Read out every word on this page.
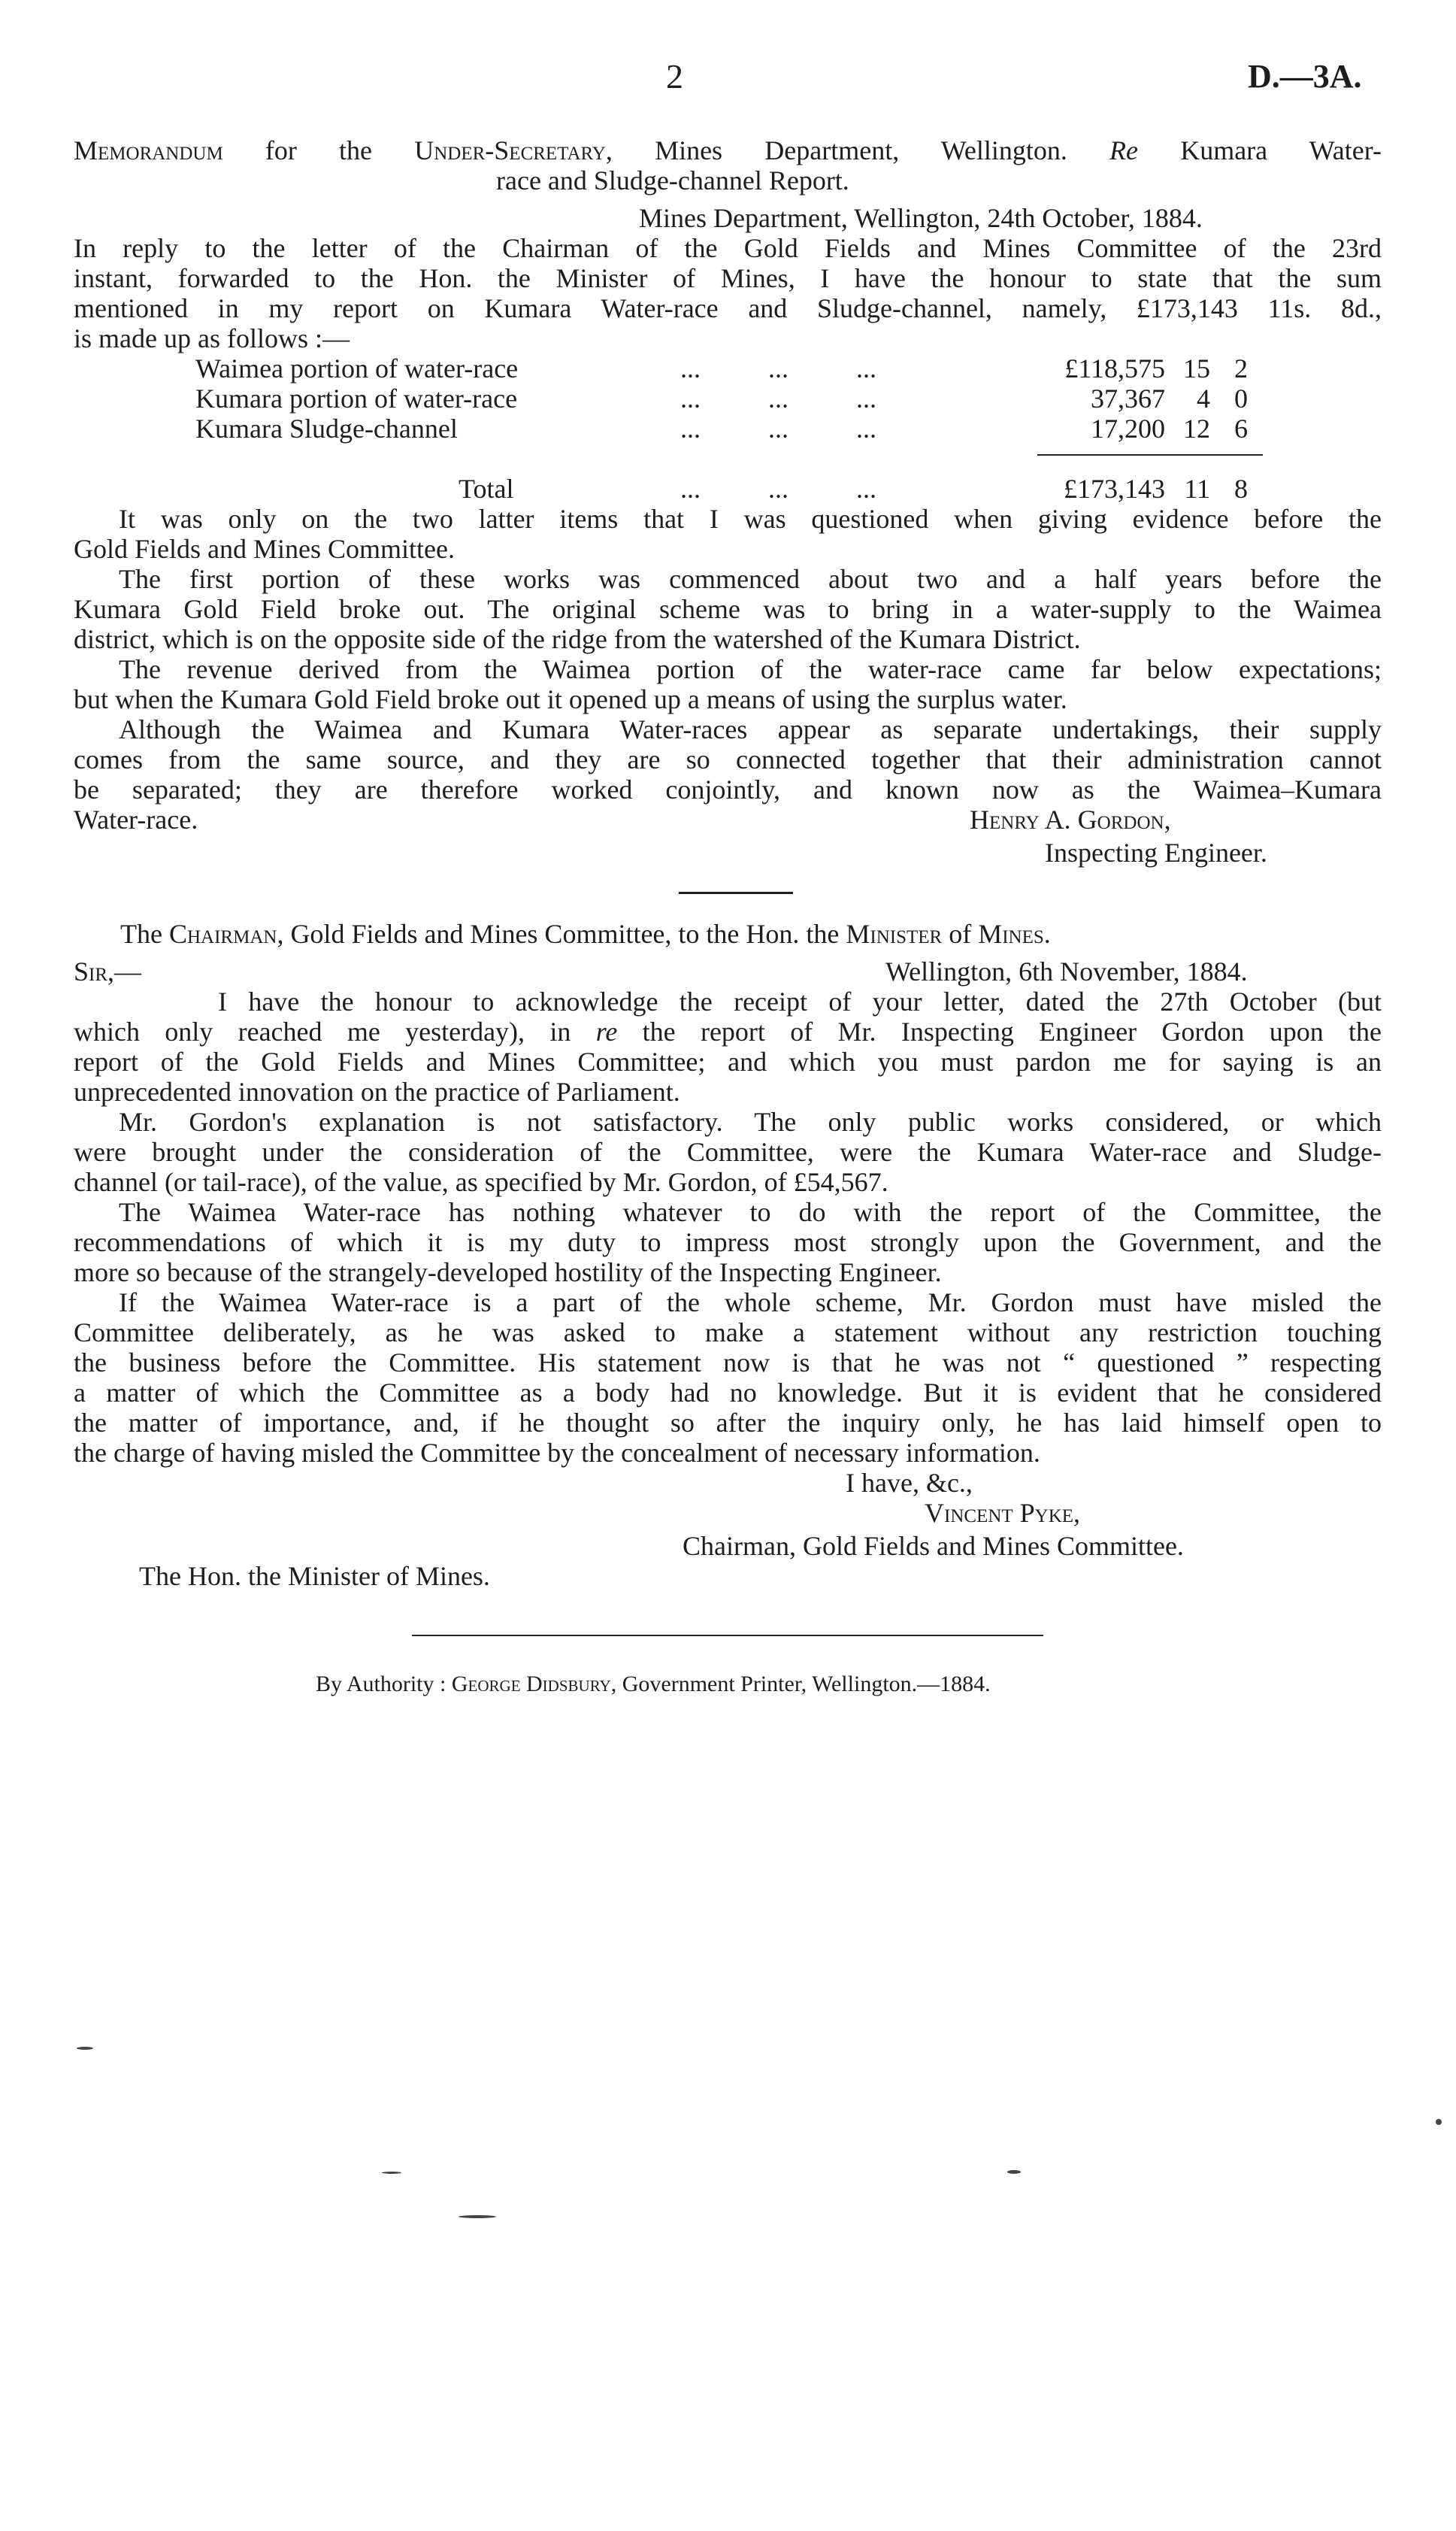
2	D.—3A.
Memorandum for the Under-Secretary, Mines Department, Wellington. Re Kumara Water-
race and Sludge-channel Report.
Mines Department, Wellington, 24th October, 1884.
In reply to the letter of the Chairman of the Gold Fields and Mines Committee of the 23rd
instant, forwarded to the Hon. the Minister of Mines, I have the honour to state that the sum
mentioned in my report on Kumara Water-race and Sludge-channel, namely, £173,143 11s. 8d.,
is made up as follows :—
Waimea portion of water-race	...          ...          ...	£118,575 15 2
Kumara portion of water-race	...          ...          ...	37,367	4 0
Kumara Sludge-channel	...          ...          ...	17,200 12 6
Total	...          ...          ...	£173,143 11 8
It was only on the two latter items that I was questioned when giving evidence before the
Gold Fields and Mines Committee.
The first portion of these works was commenced about two and a half years before the
Kumara Gold Field broke out. The original scheme was to bring in a water-supply to the Waimea
district, which is on the opposite side of the ridge from the watershed of the Kumara District.
The revenue derived from the Waimea portion of the water-race came far below expectations;
but when the Kumara Gold Field broke out it opened up a means of using the surplus water.
Although the Waimea and Kumara Water-races appear as separate undertakings, their supply
comes from the same source, and they are so connected together that their administration cannot
be separated; they are therefore worked conjointly, and known now as the Waimea–Kumara
Water-race.	Henry A. Gordon,
Inspecting Engineer.
The Chairman, Gold Fields and Mines Committee, to the Hon. the Minister of Mines.
Sir,—	Wellington, 6th November, 1884.
I have the honour to acknowledge the receipt of your letter, dated the 27th October (but
which only reached me yesterday), in re the report of Mr. Inspecting Engineer Gordon upon the
report of the Gold Fields and Mines Committee; and which you must pardon me for saying is an
unprecedented innovation on the practice of Parliament.
Mr. Gordon's explanation is not satisfactory. The only public works considered, or which
were brought under the consideration of the Committee, were the Kumara Water-race and Sludge-
channel (or tail-race), of the value, as specified by Mr. Gordon, of £54,567.
The Waimea Water-race has nothing whatever to do with the report of the Committee, the
recommendations of which it is my duty to impress most strongly upon the Government, and the
more so because of the strangely-developed hostility of the Inspecting Engineer.
If the Waimea Water-race is a part of the whole scheme, Mr. Gordon must have misled the
Committee deliberately, as he was asked to make a statement without any restriction touching
the business before the Committee. His statement now is that he was not “ questioned ” respecting
a matter of which the Committee as a body had no knowledge. But it is evident that he considered
the matter of importance, and, if he thought so after the inquiry only, he has laid himself open to
the charge of having misled the Committee by the concealment of necessary information.
I have, &c.,
Vincent Pyke,
Chairman, Gold Fields and Mines Committee.
The Hon. the Minister of Mines.
By Authority : George Didsbury, Government Printer, Wellington.—1884.
